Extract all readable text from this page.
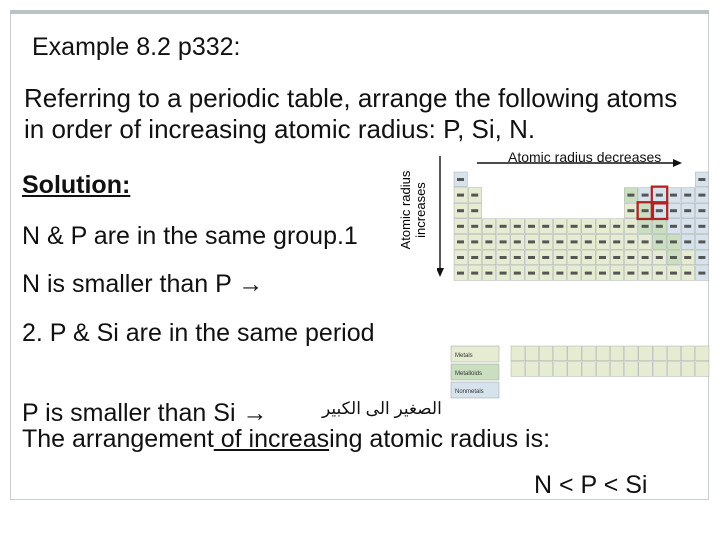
Example 8.2 p332:
Referring to a periodic table, arrange the following atoms in order of increasing atomic radius: P, Si, N.
Solution:
N & P are in the same group.1
N is smaller than P →
2. P & Si are in the same period
P is smaller than Si →	الصغير الى الكبير
The arrangement of increasing atomic radius is:
N < P < Si
Atomic radius increases
Atomic radius decreases
Metals
Metalloids
Nonmetals
